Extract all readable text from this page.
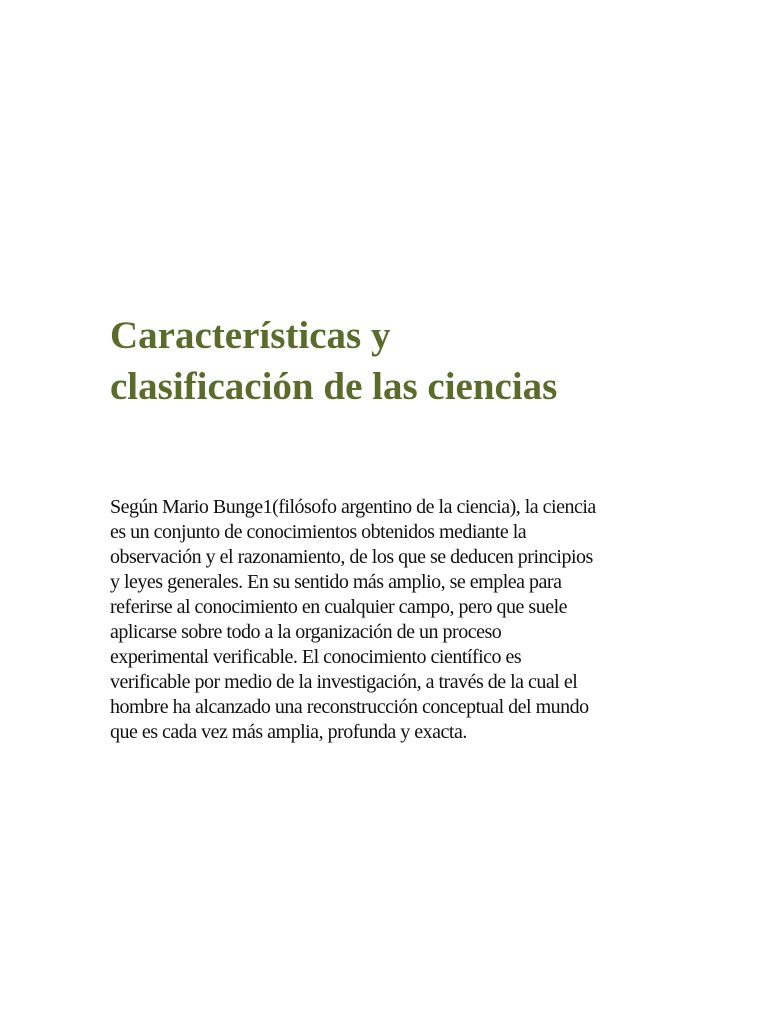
Características y
clasificación de las ciencias

Según Mario Bunge1(filósofo argentino de la ciencia), la ciencia
es un conjunto de conocimientos obtenidos mediante la
observación y el razonamiento, de los que se deducen principios
y leyes generales. En su sentido más amplio, se emplea para
referirse al conocimiento en cualquier campo, pero que suele
aplicarse sobre todo a la organización de un proceso
experimental verificable. El conocimiento científico es
verificable por medio de la investigación, a través de la cual el
hombre ha alcanzado una reconstrucción conceptual del mundo
que es cada vez más amplia, profunda y exacta.
